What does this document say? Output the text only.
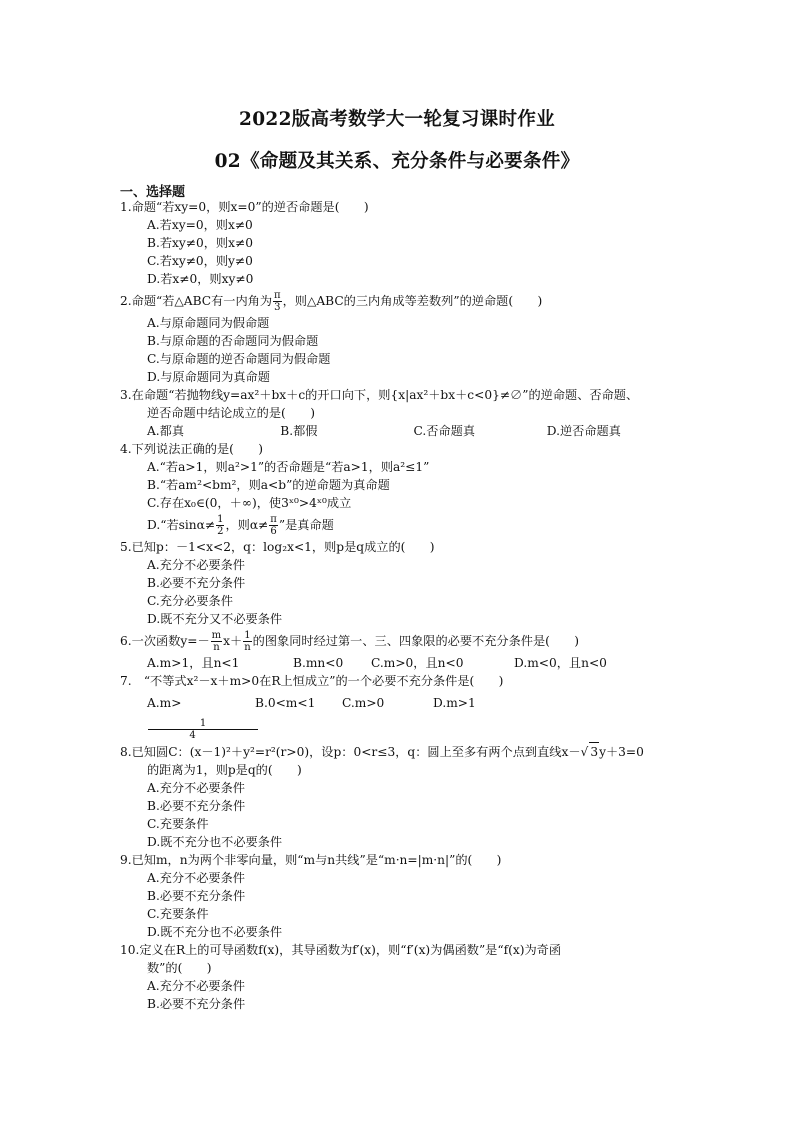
2022版高考数学大一轮复习课时作业
02《命题及其关系、充分条件与必要条件》
一、选择题
1.命题“若xy=0，则x=0”的逆否命题是(　　)
A.若xy=0，则x≠0
B.若xy≠0，则x≠0
C.若xy≠0，则y≠0
D.若x≠0，则xy≠0
2.命题“若△ABC有一内角为 $\frac{\pi}{3}$ ，则△ABC的三内角成等差数列”的逆命题(　　)
A.与原命题同为假命题
B.与原命题的否命题同为假命题
C.与原命题的逆否命题同为假命题
D.与原命题同为真命题
3.在命题“若抛物线y=ax²＋bx＋c的开口向下，则{x|ax²＋bx＋c<0}≠∅”的逆命题、否命题、
逆否命题中结论成立的是(　　)
A.都真	B.都假	C.否命题真	D.逆否命题真
4.下列说法正确的是(　　)
A.“若a>1，则a²>1”的否命题是“若a>1，则a²≤1”
B.“若am²<bm²，则a<b”的逆命题为真命题
C.存在x₀∈(0，＋∞)，使3ˣ⁰>4ˣ⁰成立
D.“若$\sin\alpha\ne \frac{1}{2}$ ，则$\alpha\ne \frac{\pi}{6}$ ”是真命题
5.已知p：－1<x<2，q：log₂x<1，则p是q成立的(　　)
A.充分不必要条件
B.必要不充分条件
C.充分必要条件
D.既不充分又不必要条件
6.一次函数$y=- \frac{m}{n} x+ \frac{1}{n}$ 的图象同时经过第一、三、四象限的必要不充分条件是(　　)
A.m>1，且n<1	B.mn<0	C.m>0，且n<0	D.m<0，且n<0
7.　“不等式x²－x＋m>0在R上恒成立”的一个必要不充分条件是(　　)
A.m>
$\frac{1}{4}$
B.0<m<1	C.m>0	D.m>1
8.已知圆C：(x－1)²＋y²=r²(r>0)，设p：0<r≤3，q：圆上至多有两个点到直线x－√ 3y＋3=0
的距离为1，则p是q的(　　)
A.充分不必要条件
B.必要不充分条件
C.充要条件
D.既不充分也不必要条件
9.已知m，n为两个非零向量，则“m与n共线”是“m·n=|m·n|”的(　　)
A.充分不必要条件
B.必要不充分条件
C.充要条件
D.既不充分也不必要条件
10.定义在R上的可导函数f(x)，其导函数为f′(x)，则“f′(x)为偶函数”是“f(x)为奇函
数”的(　　)
A.充分不必要条件
B.必要不充分条件
